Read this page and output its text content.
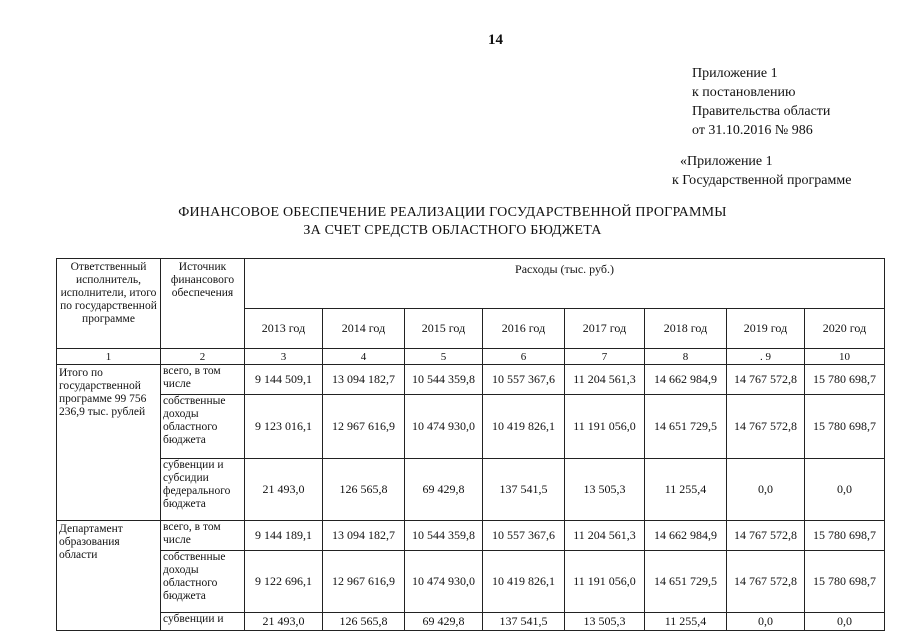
14
Приложение 1
к постановлению
Правительства области
от 31.10.2016 № 986
«Приложение 1
к Государственной программе
ФИНАНСОВОЕ ОБЕСПЕЧЕНИЕ РЕАЛИЗАЦИИ ГОСУДАРСТВЕННОЙ ПРОГРАММЫ
ЗА СЧЕТ СРЕДСТВ ОБЛАСТНОГО БЮДЖЕТА
Ответственный исполнитель, исполнители, итого по государственной программе	Источник финансового обеспечения	Расходы (тыс. руб.)							
		2013 год	2014 год	2015 год	2016 год	2017 год	2018 год	2019 год	2020 год
1	2	3	4	5	6	7	8	. 9	10
Итого по государственной программе 99 756 236,9 тыс. рублей	всего, в том числе	9 144 509,1	13 094 182,7	10 544 359,8	10 557 367,6	11 204 561,3	14 662 984,9	14 767 572,8	15 780 698,7
	собственные доходы областного бюджета	9 123 016,1	12 967 616,9	10 474 930,0	10 419 826,1	11 191 056,0	14 651 729,5	14 767 572,8	15 780 698,7
	субвенции и субсидии федерального бюджета	21 493,0	126 565,8	69 429,8	137 541,5	13 505,3	11 255,4	0,0	0,0
Департамент образования области	всего, в том числе	9 144 189,1	13 094 182,7	10 544 359,8	10 557 367,6	11 204 561,3	14 662 984,9	14 767 572,8	15 780 698,7
	собственные доходы областного бюджета	9 122 696,1	12 967 616,9	10 474 930,0	10 419 826,1	11 191 056,0	14 651 729,5	14 767 572,8	15 780 698,7
	субвенции и	21 493,0	126 565,8	69 429,8	137 541,5	13 505,3	11 255,4	0,0	0,0
